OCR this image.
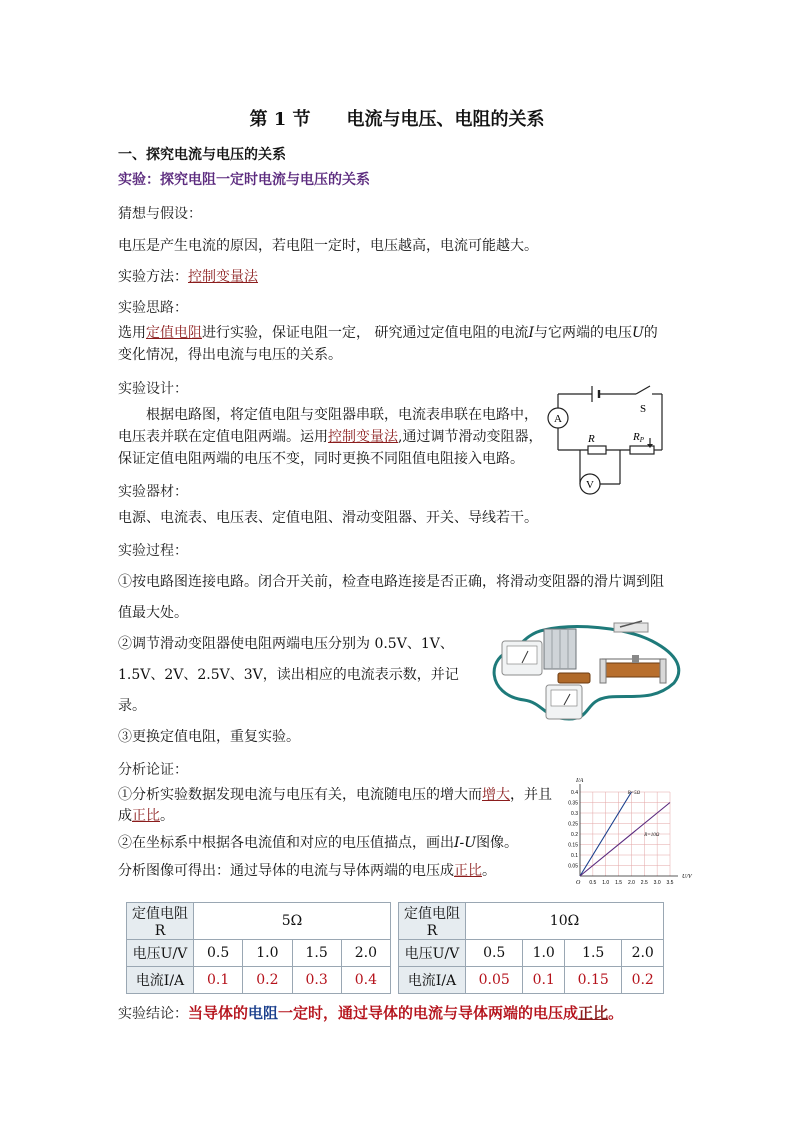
第 1 节 电流与电压、电阻的关系
一、探究电流与电压的关系
实验：探究电阻一定时电流与电压的关系
猜想与假设：
电压是产生电流的原因，若电阻一定时，电压越高，电流可能越大。
实验方法：控制变量法
实验思路：
选用定值电阻进行实验，保证电阻一定， 研究通过定值电阻的电流I与它两端的电压U的
变化情况，得出电流与电压的关系。
实验设计：
根据电路图，将定值电阻与变阻器串联，电流表串联在电路中，
电压表并联在定值电阻两端。运用控制变量法,通过调节滑动变阻器，
保证定值电阻两端的电压不变，同时更换不同阻值电阻接入电路。
A
R	RP
S
V
实验器材：
电源、电流表、电压表、定值电阻、滑动变阻器、开关、导线若干。
实验过程：
①按电路图连接电路。闭合开关前，检查电路连接是否正确，将滑动变阻器的滑片调到阻
值最大处。
②调节滑动变阻器使电阻两端电压分别为 0.5V、1V、
1.5V、2V、2.5V、3V，读出相应的电流表示数，并记
录。
③更换定值电阻，重复实验。
分析论证：
①分析实验数据发现电流与电压有关，电流随电压的增大而增大，并且
成正比。
②在坐标系中根据各电流值和对应的电压值描点，画出I-U图像。
分析图像可得出：通过导体的电流与导体两端的电压成正比。
0.5 1.0 1.5 2.0 2.5 3.0 3.5
0.05
0.1
0.15
0.2
0.25
0.3
0.35
0.4
U/V
I/A
O
R=5Ω
R=10Ω
定值电阻R	5Ω			
电压U/V	0.5	1.0	1.5	2.0
电流I/A	0.1	0.2	0.3	0.4
定值电阻R	10Ω			
电压U/V	0.5	1.0	1.5	2.0
电流I/A	0.05	0.1	0.15	0.2
实验结论：当导体的电阻一定时，通过导体的电流与导体两端的电压成正比。
